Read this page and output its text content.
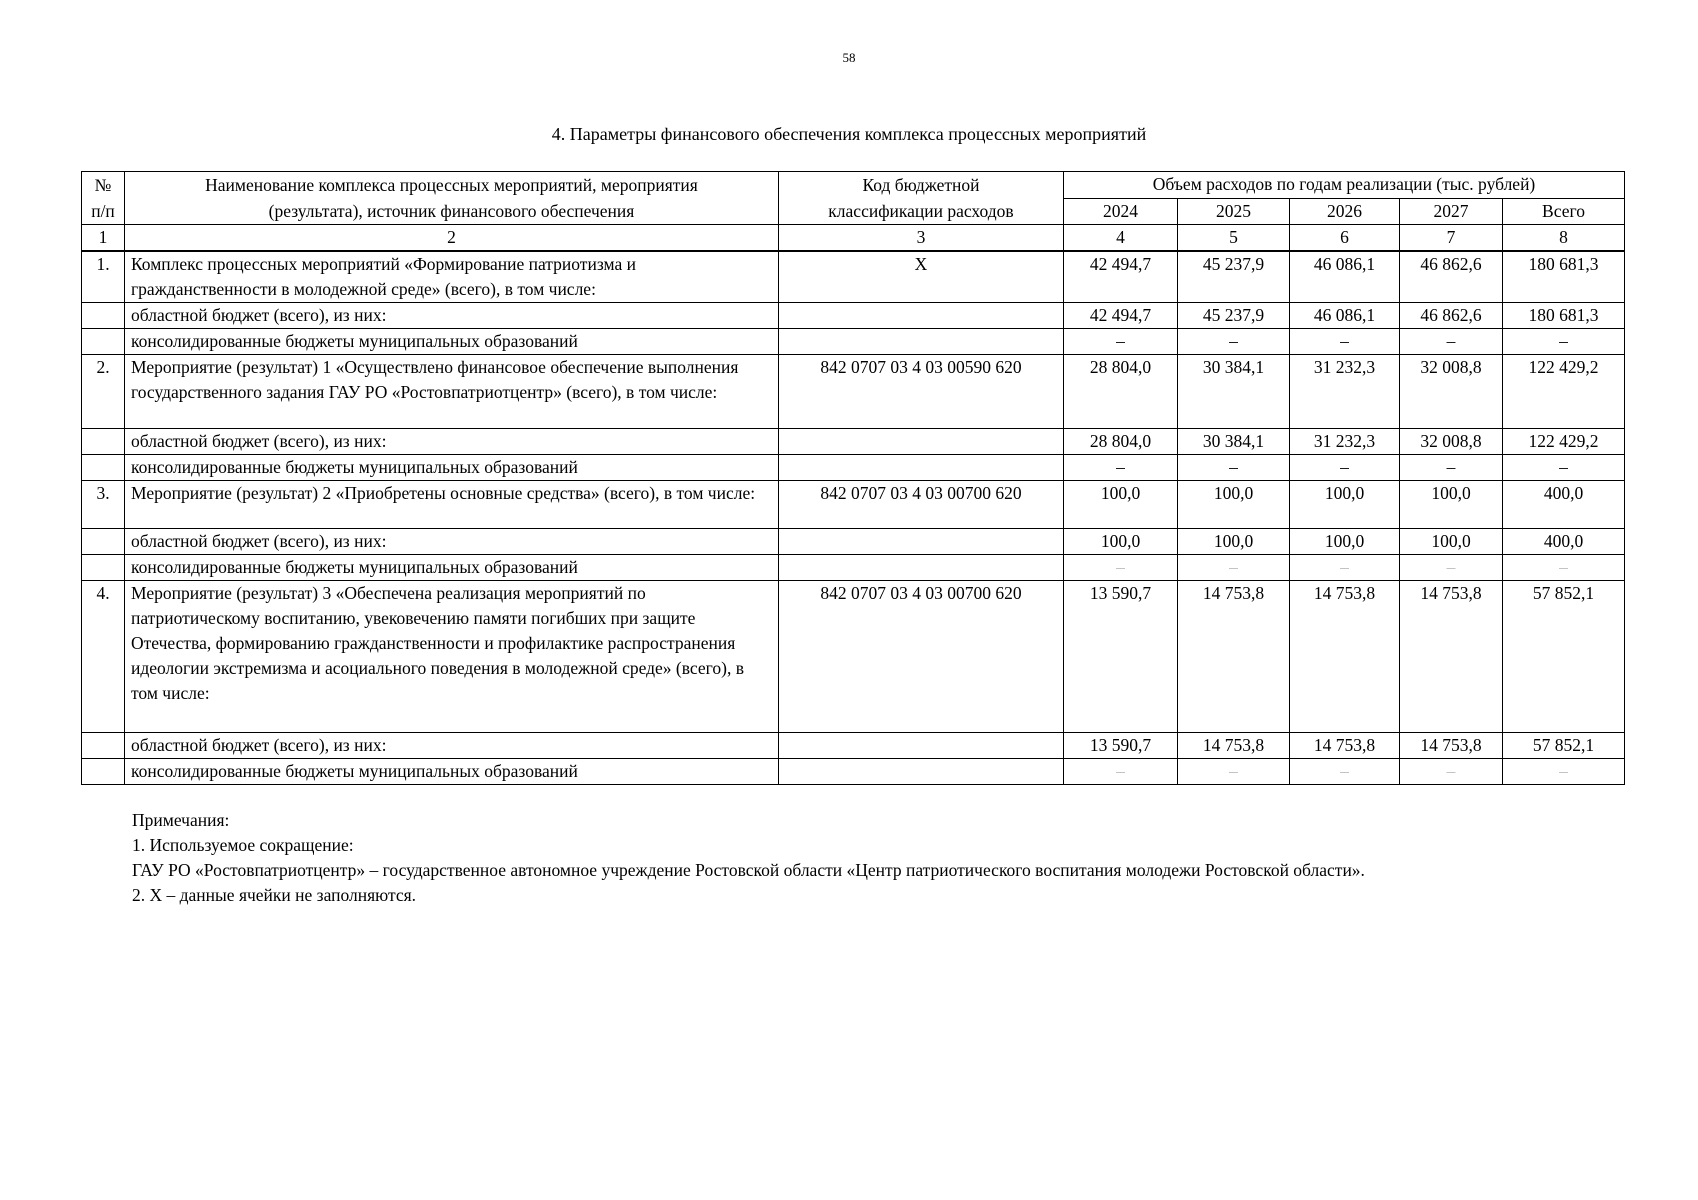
58
4. Параметры финансового обеспечения комплекса процессных мероприятий
№ п/п	Наименование комплекса процессных мероприятий, мероприятия (результата), источник финансового обеспечения	Код бюджетной классификации расходов	Объем расходов по годам реализации (тыс. рублей)				
			2024	2025	2026	2027	Всего
1	2	3	4	5	6	7	8
1.	Комплекс процессных мероприятий «Формирование патриотизма и гражданственности в молодежной среде» (всего), в том числе:	X	42 494,7	45 237,9	46 086,1	46 862,6	180 681,3
	областной бюджет (всего), из них:		42 494,7	45 237,9	46 086,1	46 862,6	180 681,3
	консолидированные бюджеты муниципальных образований		–	–	–	–	–
2.	Мероприятие (результат) 1 «Осуществлено финансовое обеспечение выполнения государственного задания ГАУ РО «Ростовпатриотцентр» (всего), в том числе:	842 0707 03 4 03 00590 620	28 804,0	30 384,1	31 232,3	32 008,8	122 429,2
	областной бюджет (всего), из них:		28 804,0	30 384,1	31 232,3	32 008,8	122 429,2
	консолидированные бюджеты муниципальных образований		–	–	–	–	–
3.	Мероприятие (результат) 2 «Приобретены основные средства» (всего), в том числе:	842 0707 03 4 03 00700 620	100,0	100,0	100,0	100,0	400,0
	областной бюджет (всего), из них:		100,0	100,0	100,0	100,0	400,0
	консолидированные бюджеты муниципальных образований		–	–	–	–	–
4.	Мероприятие (результат) 3 «Обеспечена реализация мероприятий по патриотическому воспитанию, увековечению памяти погибших при защите Отечества, формированию гражданственности и профилактике распространения идеологии экстремизма и асоциального поведения в молодежной среде» (всего), в том числе:	842 0707 03 4 03 00700 620	13 590,7	14 753,8	14 753,8	14 753,8	57 852,1
	областной бюджет (всего), из них:		13 590,7	14 753,8	14 753,8	14 753,8	57 852,1
	консолидированные бюджеты муниципальных образований		–	–	–	–	–
Примечания:
1. Используемое сокращение:
ГАУ РО «Ростовпатриотцентр» – государственное автономное учреждение Ростовской области «Центр патриотического воспитания молодежи Ростовской области».
2. Х – данные ячейки не заполняются.
